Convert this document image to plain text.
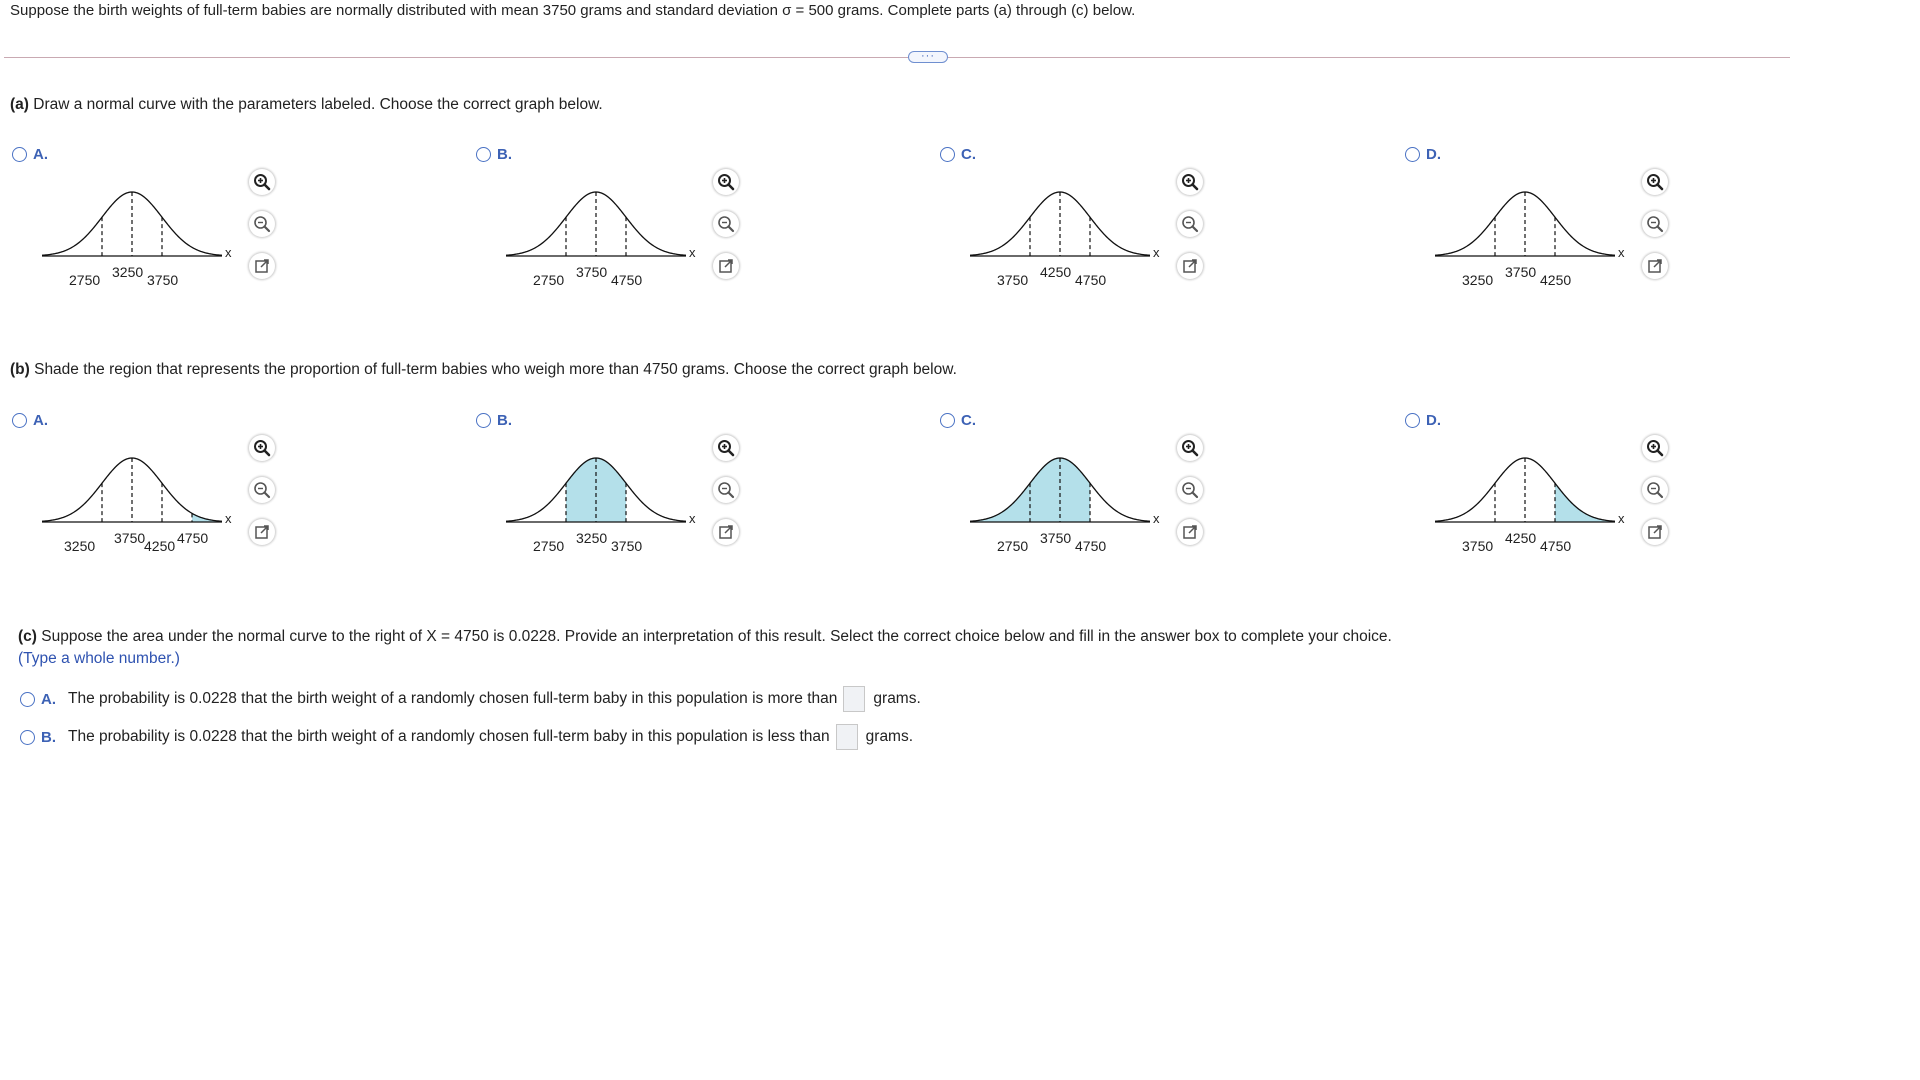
Suppose the birth weights of full-term babies are normally distributed with mean 3750 grams and standard deviation σ = 500 grams. Complete parts (a) through (c) below.
···
(a) Draw a normal curve with the parameters labeled. Choose the correct graph below.
A.
x
2750 3250 3750
B.
x
2750 3750 4750
C.
x
3750 4250 4750
D.
x
3250 3750 4250
(b) Shade the region that represents the proportion of full-term babies who weigh more than 4750 grams. Choose the correct graph below.
A.
x
3250 3750
4250 4750
B.
x
2750 3250 3750
C.
x
2750 3750 4750
D.
x
3750 4250 4750
(c) Suppose the area under the normal curve to the right of X = 4750 is 0.0228. Provide an interpretation of this result. Select the correct choice below and fill in the answer box to complete your choice.
(Type a whole number.)
A. The probability is 0.0228 that the birth weight of a randomly chosen full-term baby in this population is more than grams.
B. The probability is 0.0228 that the birth weight of a randomly chosen full-term baby in this population is less than grams.
